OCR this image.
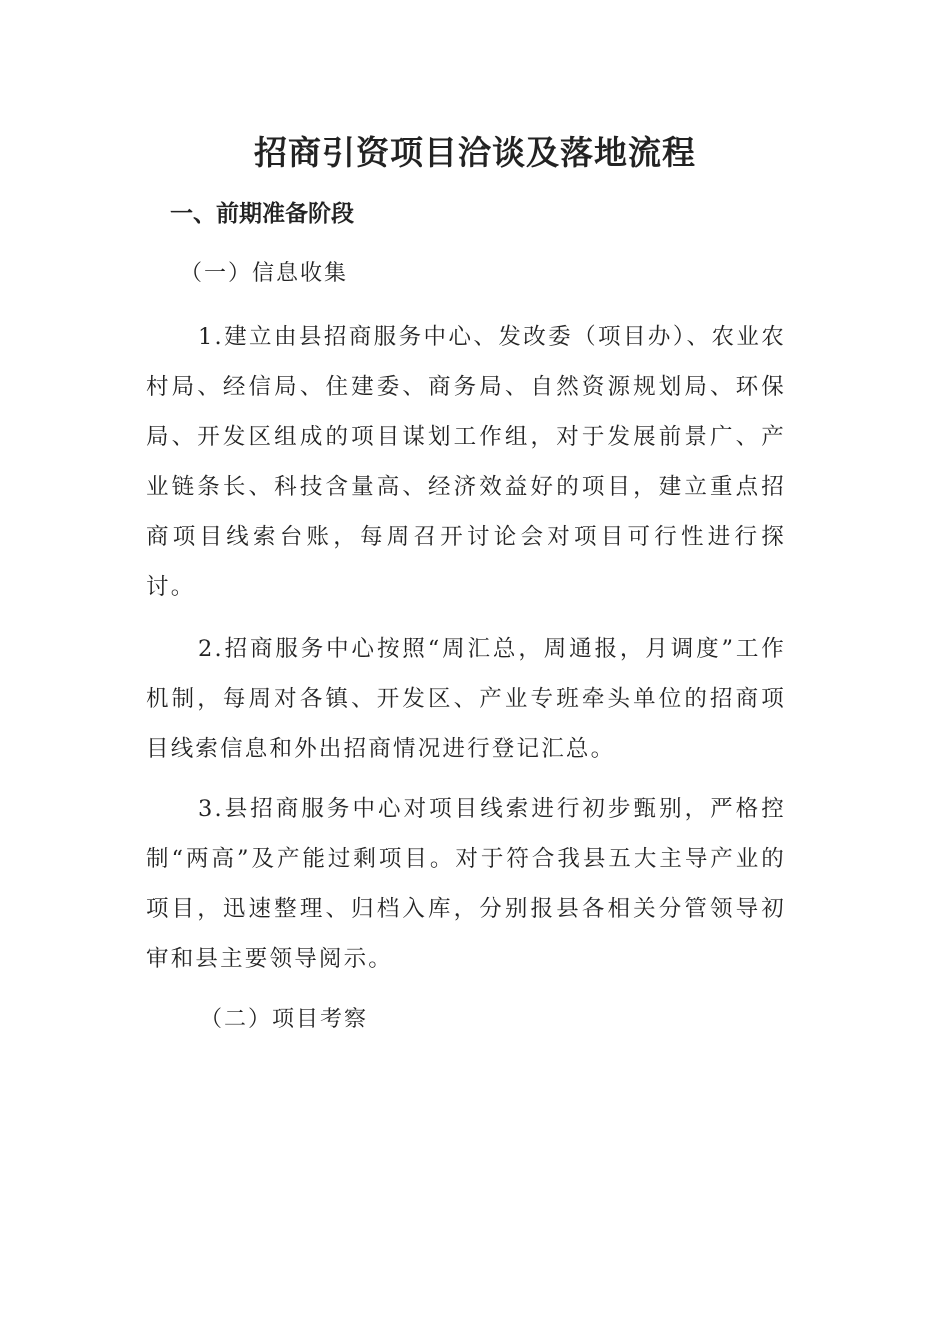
招商引资项目洽谈及落地流程
一、前期准备阶段
（一）信息收集

1.建立由县招商服务中心、发改委（项目办）、农业农村局、经信局、住建委、商务局、自然资源规划局、环保局、开发区组成的项目谋划工作组，对于发展前景广、产业链条长、科技含量高、经济效益好的项目，建立重点招商项目线索台账，每周召开讨论会对项目可行性进行探讨。

2.招商服务中心按照“周汇总，周通报，月调度”工作机制，每周对各镇、开发区、产业专班牵头单位的招商项目线索信息和外出招商情况进行登记汇总。

3.县招商服务中心对项目线索进行初步甄别，严格控制“两高”及产能过剩项目。对于符合我县五大主导产业的项目，迅速整理、归档入库，分别报县各相关分管领导初审和县主要领导阅示。

（二）项目考察
